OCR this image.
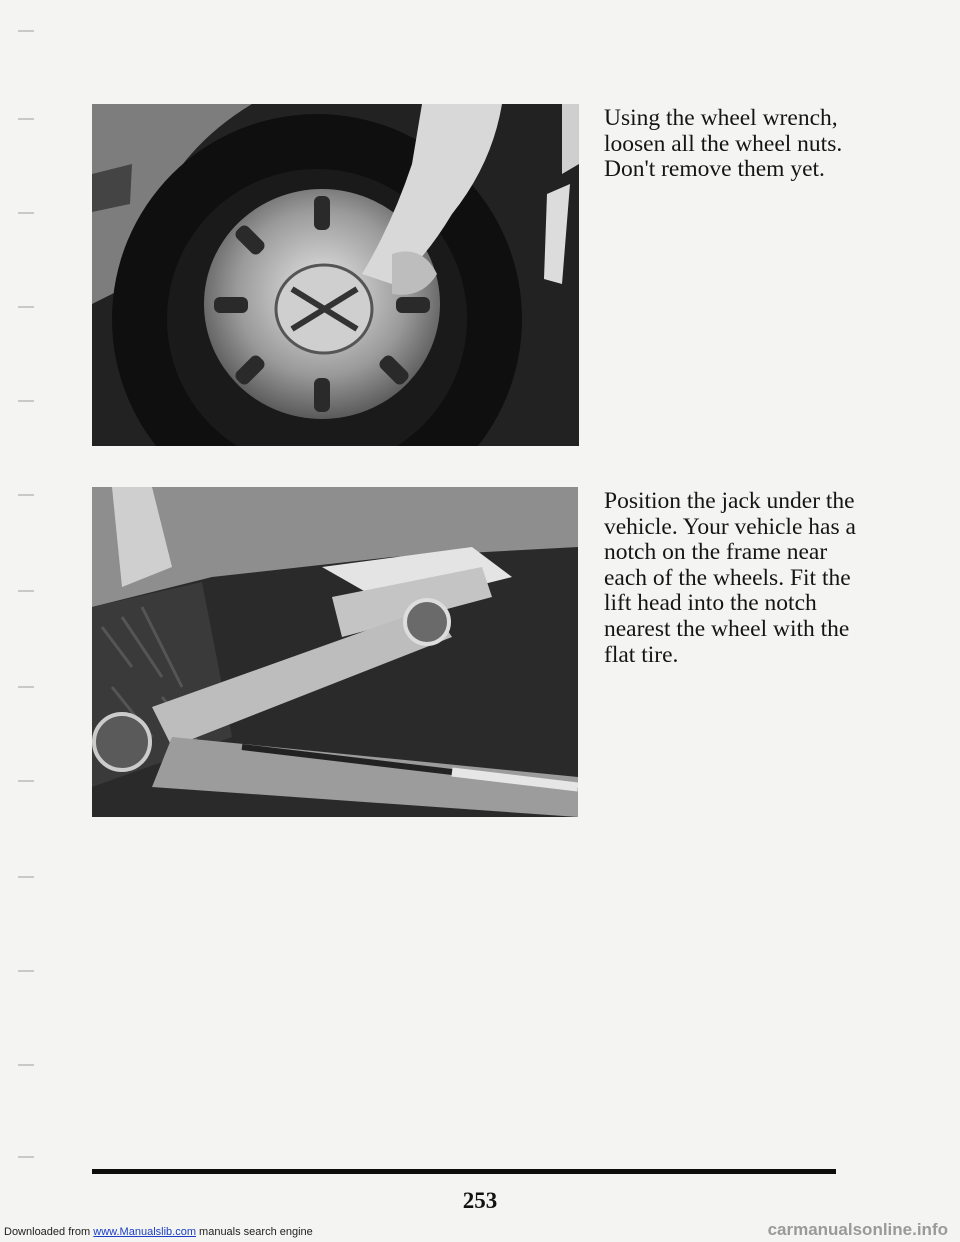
Using the wheel wrench, loosen all the wheel nuts. Don't remove them yet.
Position the jack under the vehicle. Your vehicle has a notch on the frame near each of the wheels. Fit the lift head into the notch nearest the wheel with the flat tire.
253
Downloaded from www.Manualslib.com manuals search engine	carmanualsonline.info
